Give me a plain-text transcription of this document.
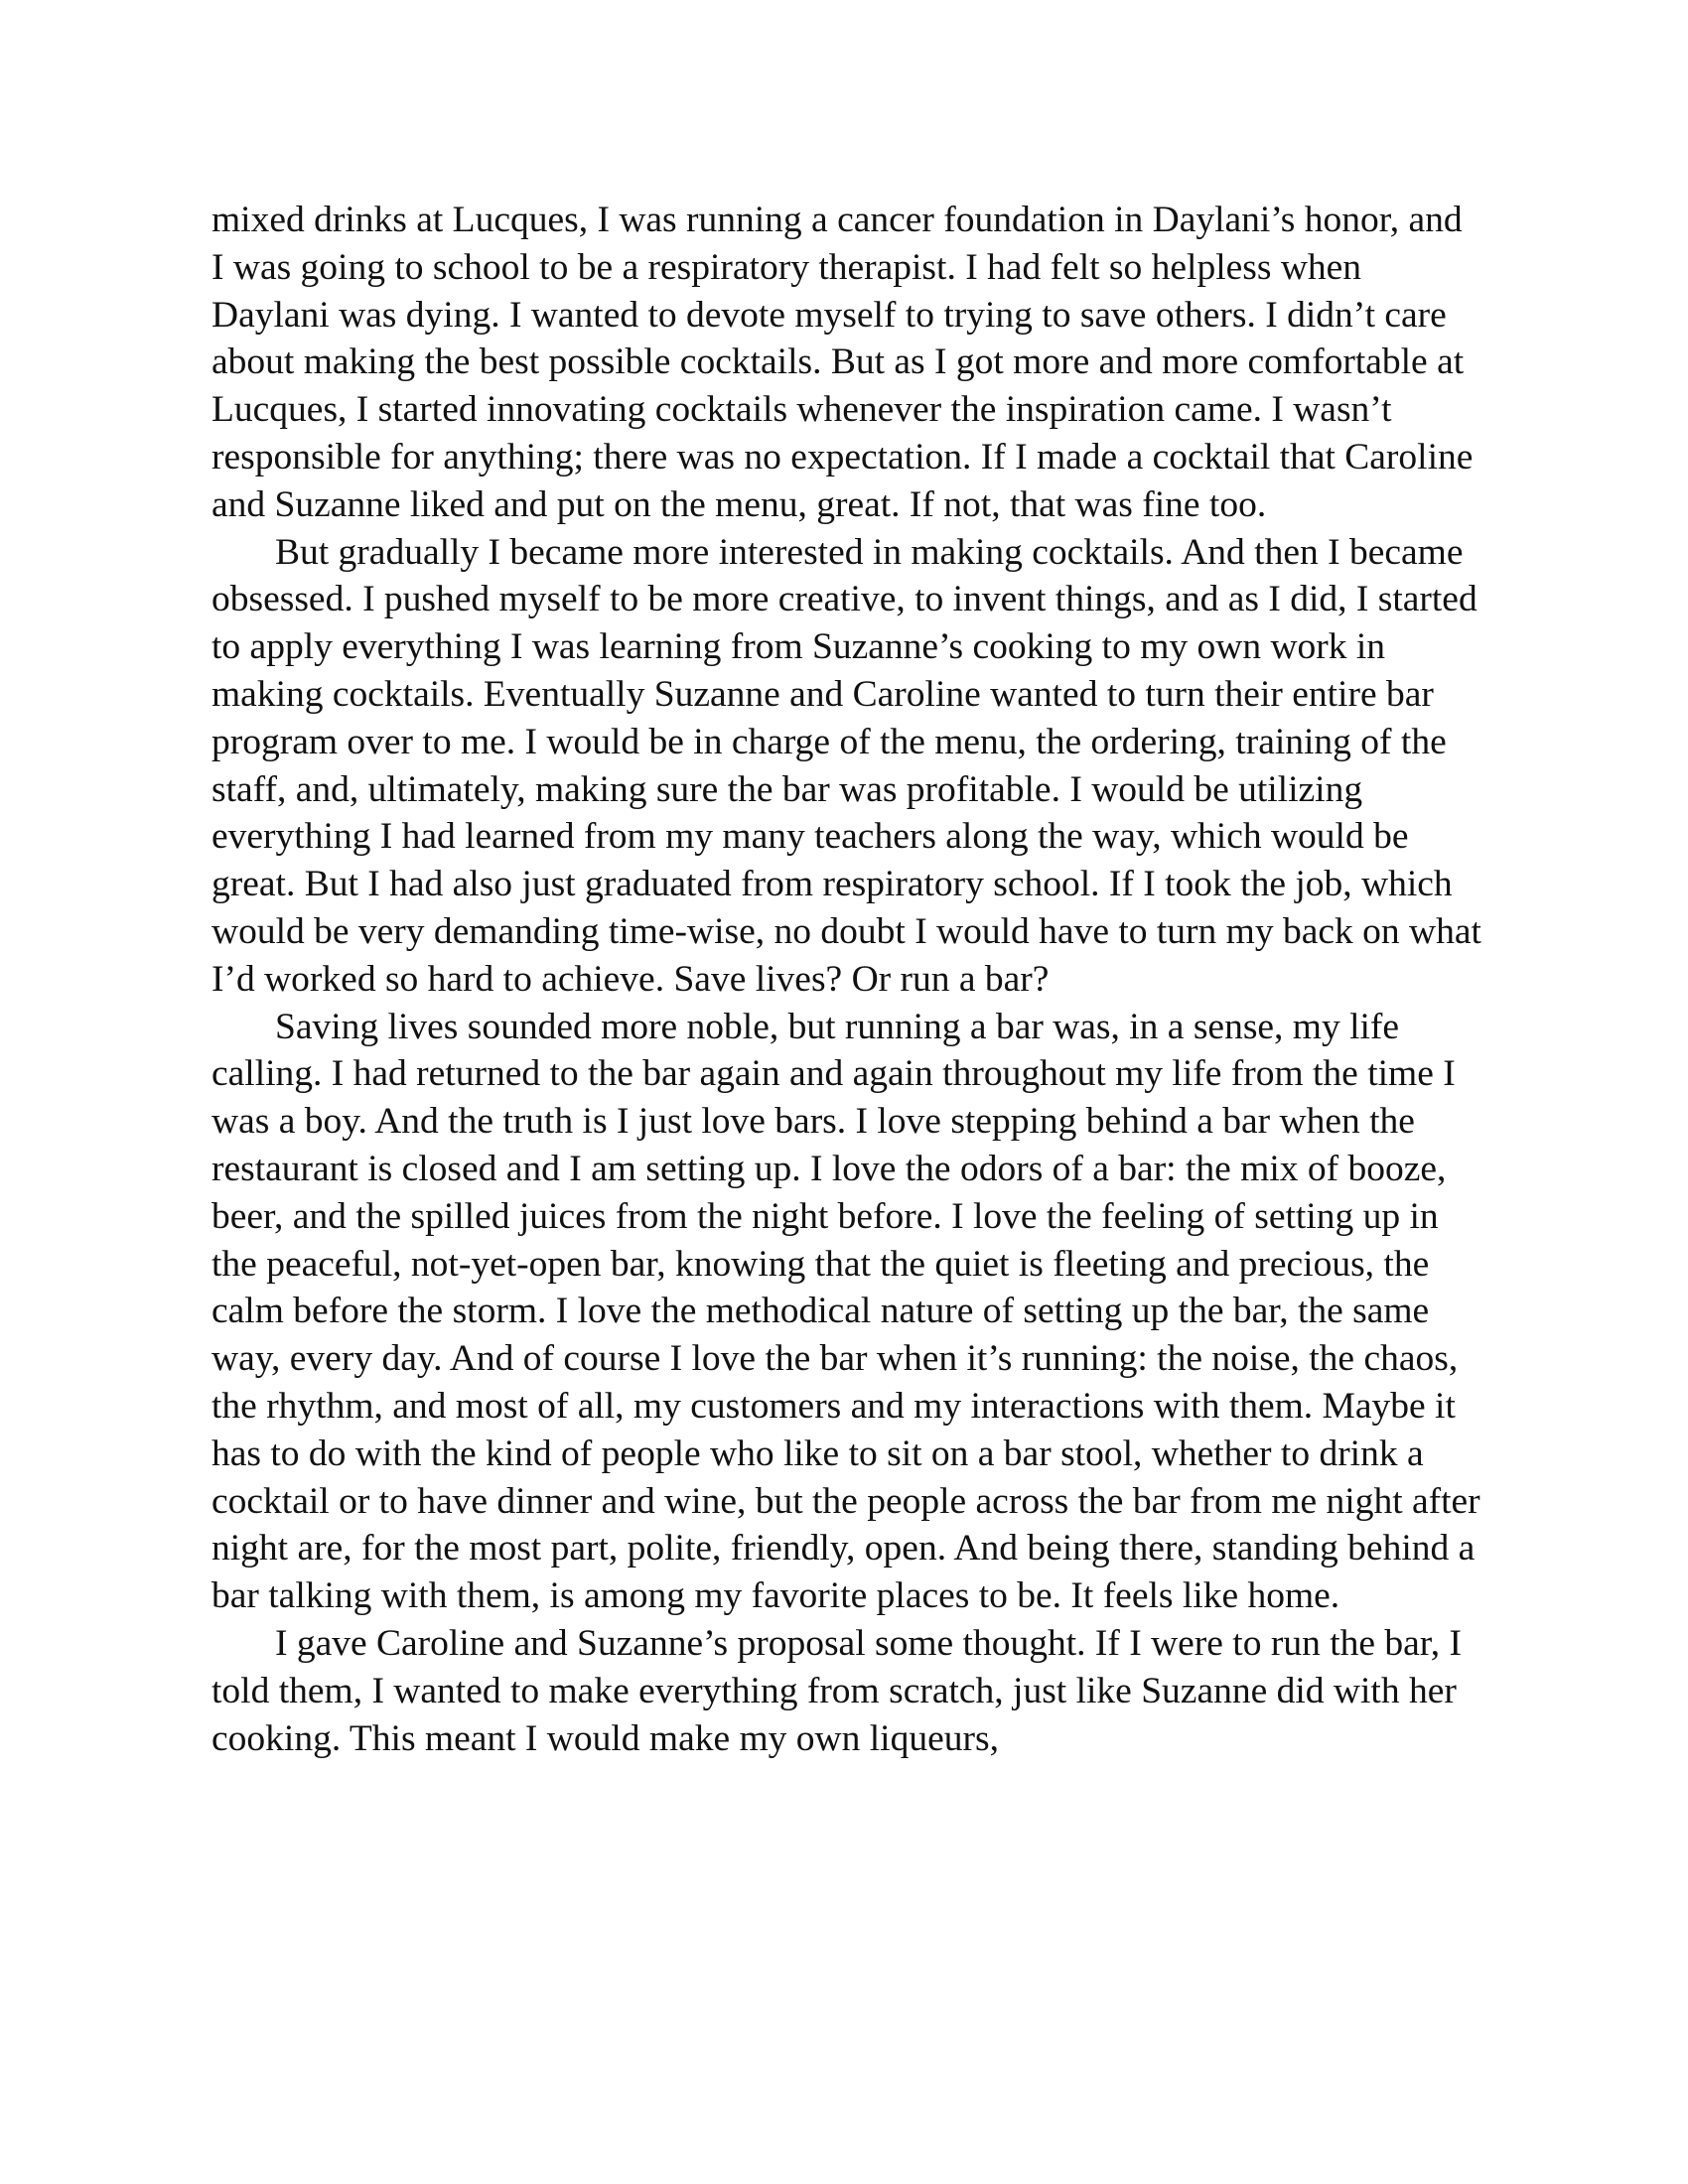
mixed drinks at Lucques, I was running a cancer foundation in Daylani’s honor, and I was going to school to be a respiratory therapist. I had felt so helpless when Daylani was dying. I wanted to devote myself to trying to save others. I didn’t care about making the best possible cocktails. But as I got more and more comfortable at Lucques, I started innovating cocktails whenever the inspiration came. I wasn’t responsible for anything; there was no expectation. If I made a cocktail that Caroline and Suzanne liked and put on the menu, great. If not, that was fine too.

But gradually I became more interested in making cocktails. And then I became obsessed. I pushed myself to be more creative, to invent things, and as I did, I started to apply everything I was learning from Suzanne’s cooking to my own work in making cocktails. Eventually Suzanne and Caroline wanted to turn their entire bar program over to me. I would be in charge of the menu, the ordering, training of the staff, and, ultimately, making sure the bar was profitable. I would be utilizing everything I had learned from my many teachers along the way, which would be great. But I had also just graduated from respiratory school. If I took the job, which would be very demanding time-wise, no doubt I would have to turn my back on what I’d worked so hard to achieve. Save lives? Or run a bar?

Saving lives sounded more noble, but running a bar was, in a sense, my life calling. I had returned to the bar again and again throughout my life from the time I was a boy. And the truth is I just love bars. I love stepping behind a bar when the restaurant is closed and I am setting up. I love the odors of a bar: the mix of booze, beer, and the spilled juices from the night before. I love the feeling of setting up in the peaceful, not-yet-open bar, knowing that the quiet is fleeting and precious, the calm before the storm. I love the methodical nature of setting up the bar, the same way, every day. And of course I love the bar when it’s running: the noise, the chaos, the rhythm, and most of all, my customers and my interactions with them. Maybe it has to do with the kind of people who like to sit on a bar stool, whether to drink a cocktail or to have dinner and wine, but the people across the bar from me night after night are, for the most part, polite, friendly, open. And being there, standing behind a bar talking with them, is among my favorite places to be. It feels like home.

I gave Caroline and Suzanne’s proposal some thought. If I were to run the bar, I told them, I wanted to make everything from scratch, just like Suzanne did with her cooking. This meant I would make my own liqueurs,
